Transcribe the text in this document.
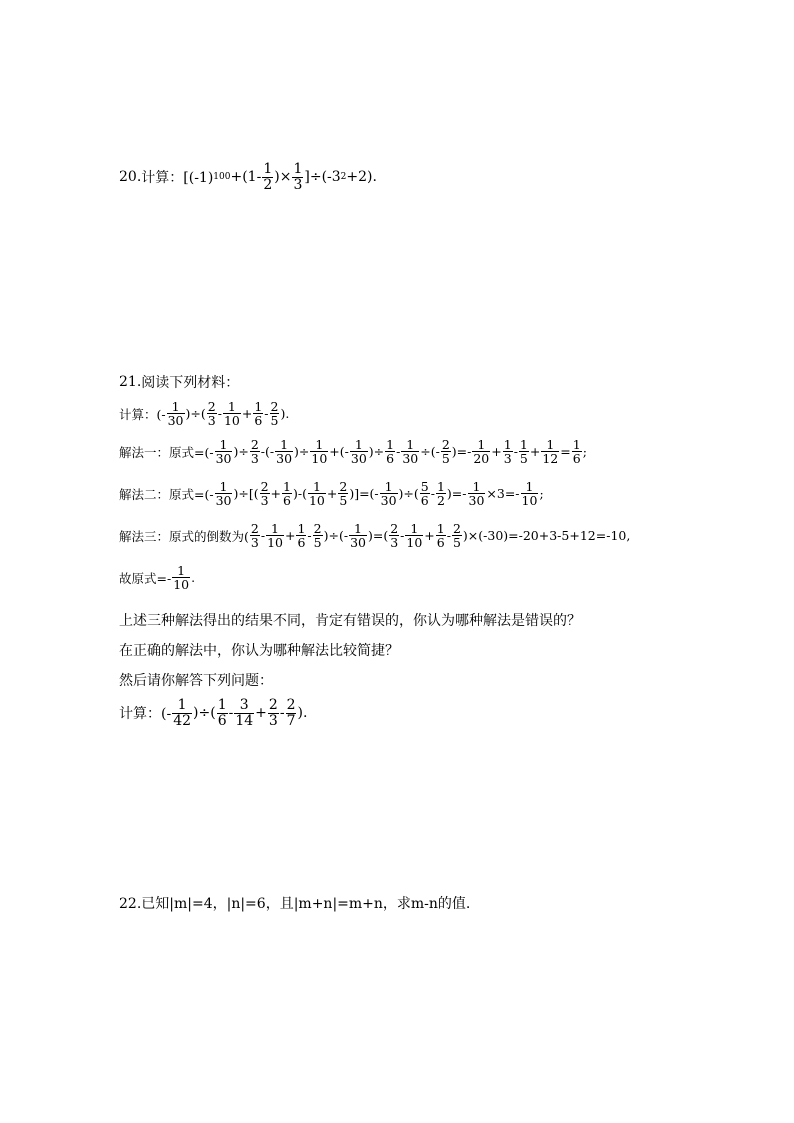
20. 计算：[(-1) $100 +(1- \frac{1}{2}$ )× $\frac{1}{3} ]\div(-3$ 2 +2).
21. 阅读下列材料：
计算：(- $\frac{1}{30}$ )÷( $\frac{2}{3} - \frac{1}{10} + \frac{1}{6} - \frac{2}{5}$ ).
解法一：原式=(- $\frac{1}{30}$ )÷ $\frac{2}{3}$ -(- $\frac{1}{30}$ )÷ $\frac{1}{10}$ +(- $\frac{1}{30}$ )÷ $\frac{1}{6} - \frac{1}{30}$ ÷(- $\frac{2}{5}$ )=- $\frac{1}{20} + \frac{1}{3} - \frac{1}{5} + \frac{1}{12} = \frac{1}{6}$ ;
解法二：原式=(- $\frac{1}{30}$ )÷[( $\frac{2}{3} + \frac{1}{6}$ )-( $\frac{1}{10} + \frac{2}{5}$ )]=(- $\frac{1}{30}$ )÷( $\frac{5}{6} - \frac{1}{2}$ )=- $\frac{1}{30} \times 3=- \frac{1}{10}$ ;
解法三：原式的倒数为( $\frac{2}{3} - \frac{1}{10} + \frac{1}{6} - \frac{2}{5}$ )÷(- $\frac{1}{30}$ )=( $\frac{2}{3} - \frac{1}{10} + \frac{1}{6} - \frac{2}{5} )\times(-30)=-20+3-5+12=-10$,
故原式=- $\frac{1}{10}$ .
上述三种解法得出的结果不同，肯定有错误的，你认为哪种解法是错误的？
在正确的解法中，你认为哪种解法比较简捷？
然后请你解答下列问题：
计算：(- $\frac{1}{42}$ )÷( $\frac{1}{6} - \frac{3}{14} + \frac{2}{3} - \frac{2}{7}$ ).
22.已知|m|=4，|n|=6，且|m+n|=m+n，求m-n的值.
